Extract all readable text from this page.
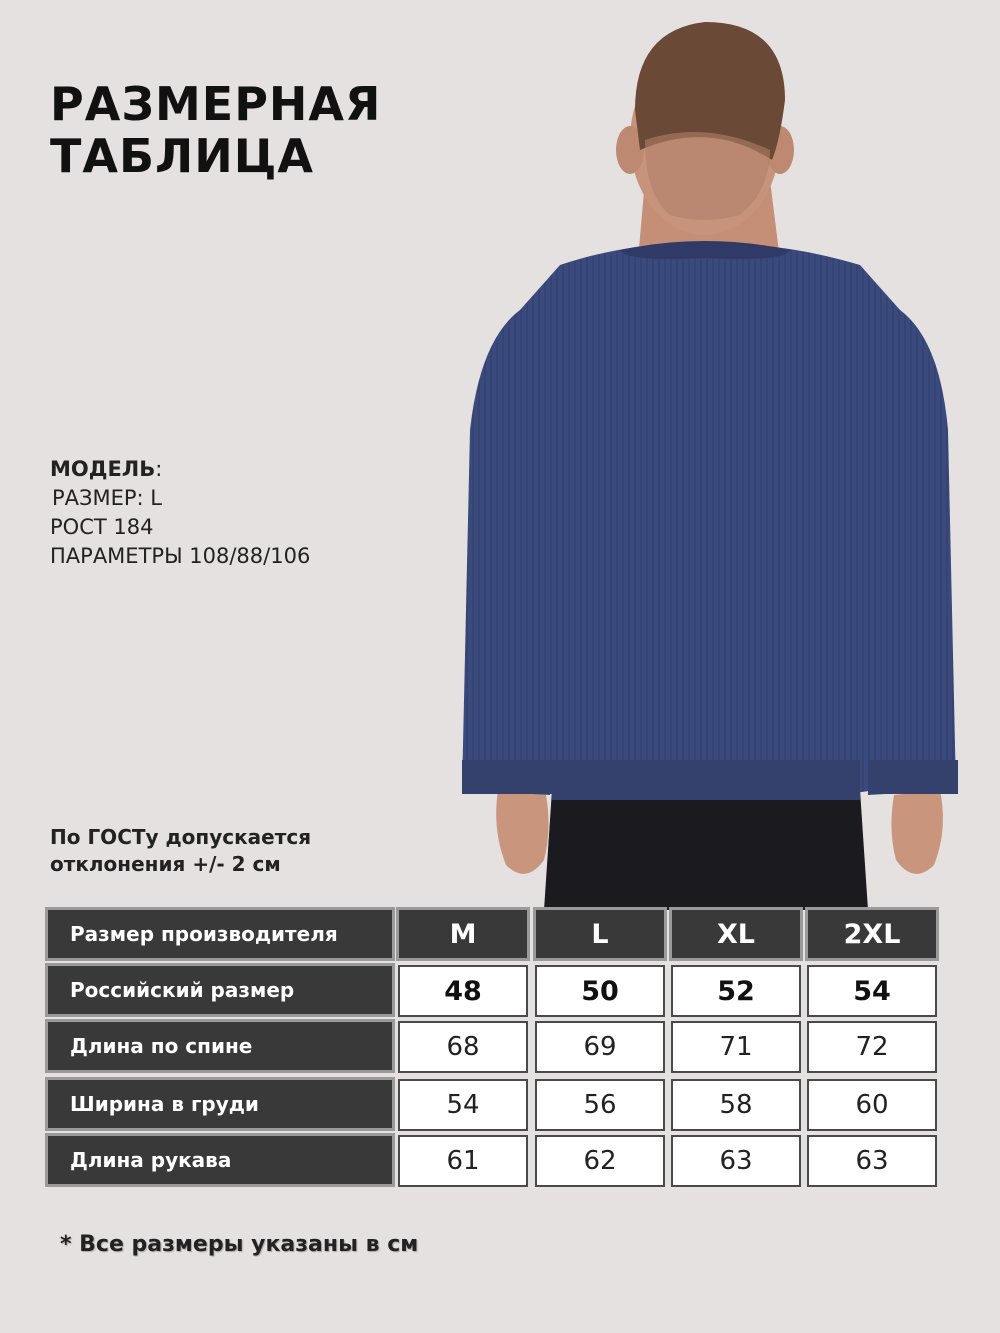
РАЗМЕРНАЯ
ТАБЛИЦА
МОДЕЛЬ:
РАЗМЕР: L
РОСТ 184
ПАРАМЕТРЫ 108/88/106
По ГОСТу допускается
отклонения +/- 2 см
Размер производителя	M	L	XL	2XL
Российский размер	48	50	52	54
Длина по спине	68	69	71	72
Ширина в груди	54	56	58	60
Длина рукава	61	62	63	63
* Все размеры указаны в см
